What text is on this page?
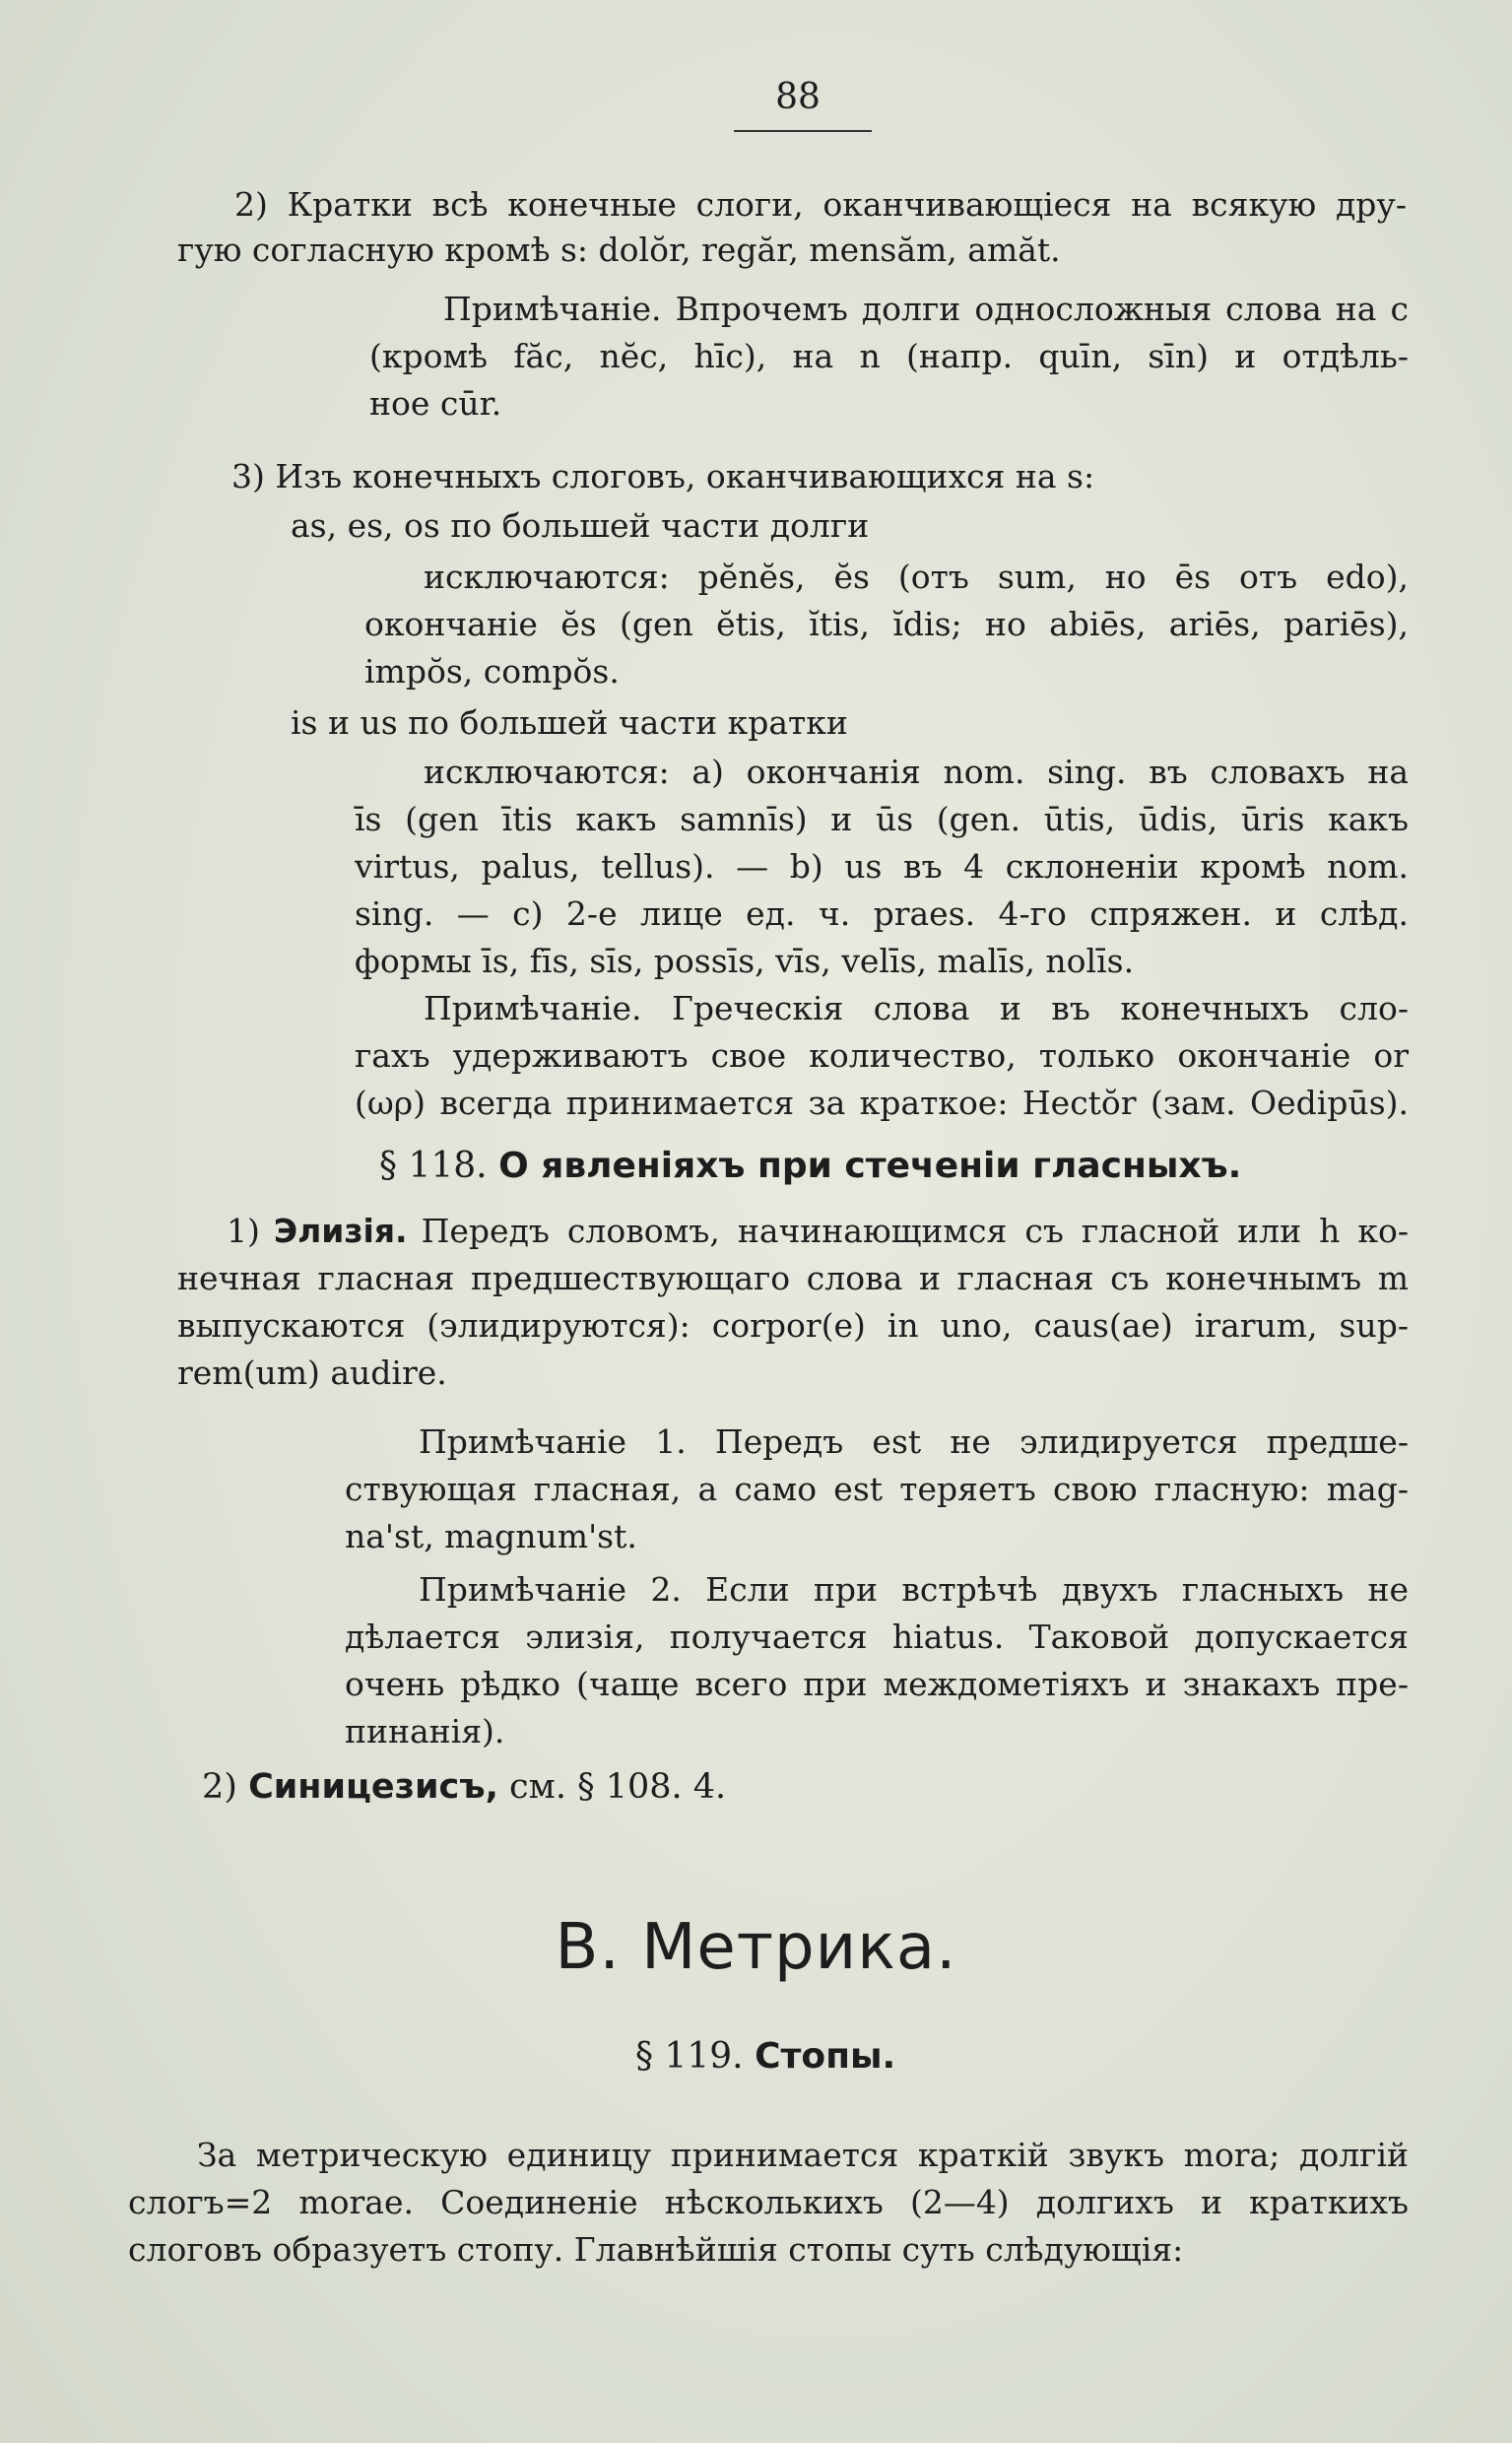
88
2) Кратки всѣ конечные слоги, оканчивающіеся на всякую дру-
гую согласную кромѣ s: dolŏr, regăr, mensăm, amăt.
Примѣчаніе. Впрочемъ долги односложныя слова на c
(кромѣ făc, nĕc, hīc), на n (напр. quīn, sīn) и отдѣль-
ное cūr.
3) Изъ конечныхъ слоговъ, оканчивающихся на s:
as, es, os по большей части долги
исключаются: pĕnĕs, ĕs (отъ sum, но ēs отъ edo),
окончаніе ĕs (gen ĕtis, ĭtis, ĭdis; но abiēs, ariēs, pariēs),
impŏs, compŏs.
is и us по большей части кратки
исключаются: a) окончанія nom. sing. въ словахъ на
īs (gen ītis какъ samnīs) и ūs (gen. ūtis, ūdis, ūris какъ
virtus, palus, tellus). — b) us въ 4 склоненіи кромѣ nom.
sing. — c) 2-е лицe ед. ч. praes. 4-го спряжен. и слѣд.
формы īs, fīs, sīs, possīs, vīs, velīs, malīs, nolīs.
Примѣчаніе. Греческія слова и въ конечныхъ сло-
гахъ удерживаютъ свое количество, только окончаніе or
(ωρ) всегда принимается за краткое: Hectŏr (зам. Oedipūs).
§ 118. О явленіяхъ при стеченіи гласныхъ.
1) Элизія. Передъ словомъ, начинающимся съ гласной или h ко-
нечная гласная предшествующаго слова и гласная съ конечнымъ m
выпускаются (элидируются): corpor(e) in uno, caus(ae) irarum, sup-
rem(um) audire.
Примѣчаніе 1. Передъ est не элидируется предше-
ствующая гласная, а само est теряетъ свою гласную: mag-
na'st, magnum'st.
Примѣчаніе 2. Если при встрѣчѣ двухъ гласныхъ не
дѣлается элизія, получается hiatus. Таковой допускается
очень рѣдко (чаще всего при междометіяхъ и знакахъ пре-
пинанія).
2) Синицезисъ, см. § 108. 4.
B. Метрика.
§ 119. Стопы.
За метрическую единицу принимается краткій звукъ mora; долгій
слогъ=2 morae. Соединеніе нѣсколькихъ (2—4) долгихъ и краткихъ
слоговъ образуетъ стопу. Главнѣйшія стопы суть слѣдующія:
